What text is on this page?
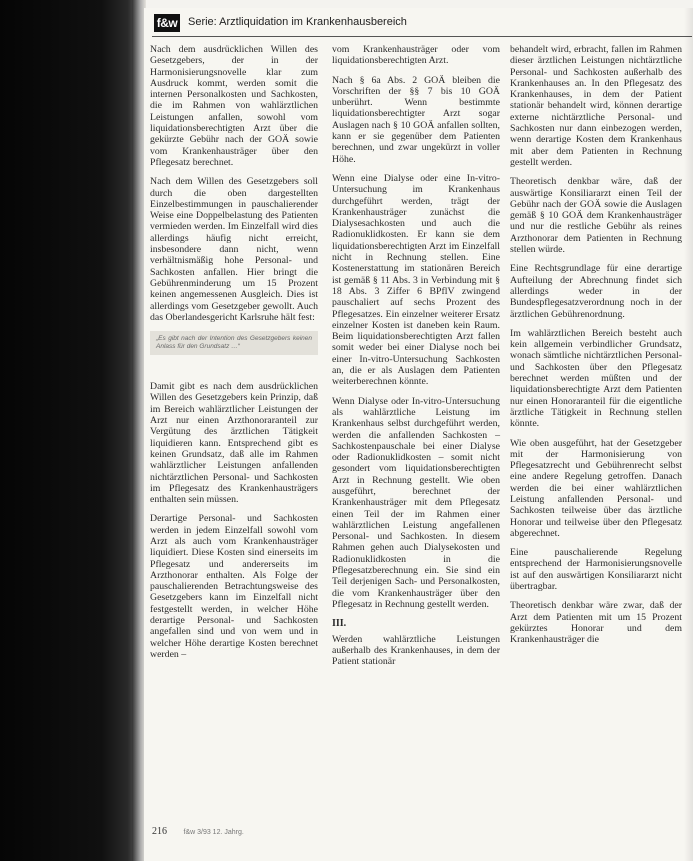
f&w Serie: Arztliquidation im Krankenhausbereich

Nach dem ausdrücklichen Willen des Gesetzgebers, der in der Harmonisierungsnovelle klar zum Ausdruck kommt, werden somit die internen Personalkosten und Sachkosten, die im Rahmen von wahlärztlichen Leistungen anfallen, sowohl vom liquidationsberechtigten Arzt über die gekürzte Gebühr nach der GOÄ sowie vom Krankenhausträger über den Pflegesatz berechnet.

Nach dem Willen des Gesetzgebers soll durch die oben dargestellten Einzelbestimmungen in pauschalierender Weise eine Doppelbelastung des Patienten vermieden werden. Im Einzelfall wird dies allerdings häufig nicht erreicht, insbesondere dann nicht, wenn verhältnismäßig hohe Personal- und Sachkosten anfallen. Hier bringt die Gebührenminderung um 15 Prozent keinen angemessenen Ausgleich. Dies ist allerdings vom Gesetzgeber gewollt. Auch das Oberlandesgericht Karlsruhe hält fest:

„Es gibt nach der Intention des Gesetzgebers keinen Anlass für den Grundsatz …“

Damit gibt es nach dem ausdrücklichen Willen des Gesetzgebers kein Prinzip, daß im Bereich wahlärztlicher Leistungen der Arzt nur einen Arzthonoraranteil zur Vergütung des ärztlichen Tätigkeit liquidieren kann. Entsprechend gibt es keinen Grundsatz, daß alle im Rahmen wahlärztlicher Leistungen anfallenden nichtärztlichen Personal- und Sachkosten im Pflegesatz des Krankenhausträgers enthalten sein müssen.

Derartige Personal- und Sachkosten werden in jedem Einzelfall sowohl vom Arzt als auch vom Krankenhausträger liquidiert. Diese Kosten sind einerseits im Pflegesatz und andererseits im Arzthonorar enthalten. Als Folge der pauschalierenden Betrachtungsweise des Gesetzgebers kann im Einzelfall nicht festgestellt werden, in welcher Höhe derartige Personal- und Sachkosten angefallen sind und von wem und in welcher Höhe derartige Kosten berechnet werden –

vom Krankenhausträger oder vom liquidationsberechtigten Arzt.

Nach § 6a Abs. 2 GOÄ bleiben die Vorschriften der §§ 7 bis 10 GOÄ unberührt. Wenn bestimmte liquidationsberechtigter Arzt sogar Auslagen nach § 10 GOÄ anfallen sollten, kann er sie gegenüber dem Patienten berechnen, und zwar ungekürzt in voller Höhe.

Wenn eine Dialyse oder eine In-vitro-Untersuchung im Krankenhaus durchgeführt werden, trägt der Krankenhausträger zunächst die Dialysesachkosten und auch die Radionuklidkosten. Er kann sie dem liquidationsberechtigten Arzt im Einzelfall nicht in Rechnung stellen. Eine Kostenerstattung im stationären Bereich ist gemäß § 11 Abs. 3 in Verbindung mit § 18 Abs. 3 Ziffer 6 BPflV zwingend pauschaliert auf sechs Prozent des Pflegesatzes. Ein einzelner weiterer Ersatz einzelner Kosten ist daneben kein Raum. Beim liquidationsberechtigten Arzt fallen somit weder bei einer Dialyse noch bei einer In-vitro-Untersuchung Sachkosten an, die er als Auslagen dem Patienten weiterberechnen könnte.

Wenn Dialyse oder In-vitro-Untersuchung als wahlärztliche Leistung im Krankenhaus selbst durchgeführt werden, werden die anfallenden Sachkosten – Sachkostenpauschale bei einer Dialyse oder Radionuklidkosten – somit nicht gesondert vom liquidationsberechtigten Arzt in Rechnung gestellt. Wie oben ausgeführt, berechnet der Krankenhausträger mit dem Pflegesatz einen Teil der im Rahmen einer wahlärztlichen Leistung angefallenen Personal- und Sachkosten. In diesem Rahmen gehen auch Dialysekosten und Radionuklidkosten in die Pflegesatzberechnung ein. Sie sind ein Teil derjenigen Sach- und Personalkosten, die vom Krankenhausträger über den Pflegesatz in Rechnung gestellt werden.

III.

Werden wahlärztliche Leistungen außerhalb des Krankenhauses, in dem der Patient stationär

behandelt wird, erbracht, fallen im Rahmen dieser ärztlichen Leistungen nichtärztliche Personal- und Sachkosten außerhalb des Krankenhauses an. In den Pflegesatz des Krankenhauses, in dem der Patient stationär behandelt wird, können derartige externe nichtärztliche Personal- und Sachkosten nur dann einbezogen werden, wenn derartige Kosten dem Krankenhaus mit aber dem Patienten in Rechnung gestellt werden.

Theoretisch denkbar wäre, daß der auswärtige Konsiliararzt einen Teil der Gebühr nach der GOÄ sowie die Auslagen gemäß § 10 GOÄ dem Krankenhausträger und nur die restliche Gebühr als reines Arzthonorar dem Patienten in Rechnung stellen würde.

Eine Rechtsgrundlage für eine derartige Aufteilung der Abrechnung findet sich allerdings weder in der Bundespflegesatzverordnung noch in der ärztlichen Gebührenordnung.

Im wahlärztlichen Bereich besteht auch kein allgemein verbindlicher Grundsatz, wonach sämtliche nichtärztlichen Personal- und Sachkosten über den Pflegesatz berechnet werden müßten und der liquidationsberechtigte Arzt dem Patienten nur einen Honoraranteil für die eigentliche ärztliche Tätigkeit in Rechnung stellen könnte.

Wie oben ausgeführt, hat der Gesetzgeber mit der Harmonisierung von Pflegesatzrecht und Gebührenrecht selbst eine andere Regelung getroffen. Danach werden die bei einer wahlärztlichen Leistung anfallenden Personal- und Sachkosten teilweise über das ärztliche Honorar und teilweise über den Pflegesatz abgerechnet.

Eine pauschalierende Regelung entsprechend der Harmonisierungsnovelle ist auf den auswärtigen Konsiliararzt nicht übertragbar.

Theoretisch denkbar wäre zwar, daß der Arzt dem Patienten mit um 15 Prozent gekürztes Honorar und dem Krankenhausträger die

216 f&w 3/93 12. Jahrg.
